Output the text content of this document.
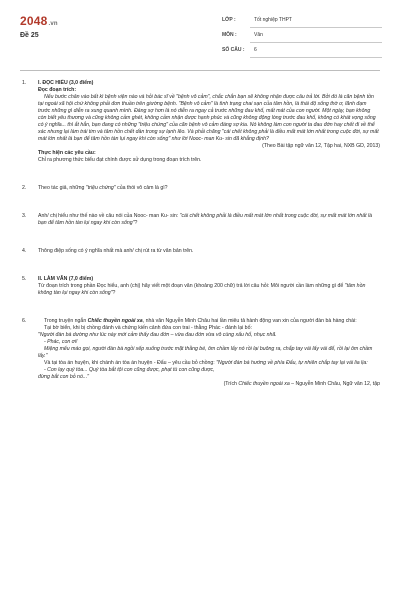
2048.vn
Đề 25
LỚP :	Tốt nghiệp THPT
MÔN :	Văn
SỐ CÂU :	6
1.	I. ĐỌC HIỂU (3,0 điểm)

Đọc đoạn trích:

Nếu bước chân vào bất kì bệnh viện nào và hỏi bác sĩ về "bệnh vô cảm", chắc chắn bạn sẽ không nhận được câu trả lời. Bởi đó là căn bệnh tồn tại ngoài xã hội chứ không phải đơn thuần trên giường bệnh. "Bệnh vô cảm" là tình trạng chai sạn của tâm hồn, là thái độ sống thờ ơ, lãnh đạm trước những gì diễn ra xung quanh mình. Đáng sợ hơn là nó diễn ra ngay cả trước những đau khổ, mất mát của con người. Một ngày, bạn không còn biết yêu thương và cũng không cảm ghét, không cảm nhận được hạnh phúc và cũng không động lòng trước đau khổ, không có khát vọng sống có ý nghĩa... thì ắt hẳn, bạn đang có những "triệu chứng" của căn bệnh vô cảm đáng sợ kia. Nó không làm con người ta đau đớn hay chết đi về thể xác nhưng lại làm trái tim và tâm hồn chết dần trong sự lạnh lẽo. Và phải chăng "cái chết không phải là điều mất mát lớn nhất trong cuộc đời, sự mất mát lớn nhất là bạn để tâm hồn tàn lụi ngay khi còn sống" như lời Nooc- man Ku- sin đã khẳng định?

(Theo Bài tập ngữ văn 12, Tập hai, NXB GD, 2013)

Thực hiện các yêu cầu:

Chỉ ra phương thức biểu đạt chính được sử dụng trong đoạn trích trên.

2.	Theo tác giả, những "triệu chứng" của thói vô cảm là gì?

3.	Anh/ chị hiểu như thế nào về câu nói của Nooc- man Ku- sin: "cái chết không phải là điều mất mát lớn nhất trong cuộc đời, sự mất mát lớn nhất là bạn để tâm hồn tàn lụi ngay khi còn sống"?

4.	Thông điệp sống có ý nghĩa nhất mà anh/ chị rút ra từ văn bản trên.

5.	II. LÀM VĂN (7,0 điểm)

Từ đoạn trích trong phần Đọc hiểu, anh (chị) hãy viết một đoạn văn (khoảng 200 chữ) trả lời câu hỏi: Môi người cần làm những gì để "tâm hồn không tàn lụi ngay khi còn sống"?

6.	Trong truyện ngắn Chiếc thuyền ngoài xa, nhà văn Nguyễn Minh Châu hai lần miêu tả hành động van xin của người đàn bà hàng chài:

Tại bờ biển, khi bị chồng đánh và chứng kiến cảnh đứa con trai - thằng Phác - đánh lại bố:

"Người đàn bà dường như lúc này mới cảm thấy đau đớn – vừa đau đớn vừa vô cùng xấu hổ, nhục nhã.

- Phác, con ơi!

Miệng mếu máo gọi, người đàn bà ngồi xếp xuống trước mặt thằng bé, ôm chầm lấy nó rồi lại buông ra, chắp tay vái lấy vái để, rồi lại ôm chầm lấy."

Và tại tòa án huyện, khi chánh án tòa án huyện - Đẩu – yêu cầu bỏ chồng: "Người đàn bà hướng về phía Đẩu, tự nhiên chắp tay lại vái lia lịa:

- Con lạy quý tòa... Quý tòa bắt tội con cũng được, phạt tù con cũng được,

đừng bắt con bỏ nó..."

(Trích Chiếc thuyền ngoài xa – Nguyễn Minh Châu, Ngữ văn 12, tập
